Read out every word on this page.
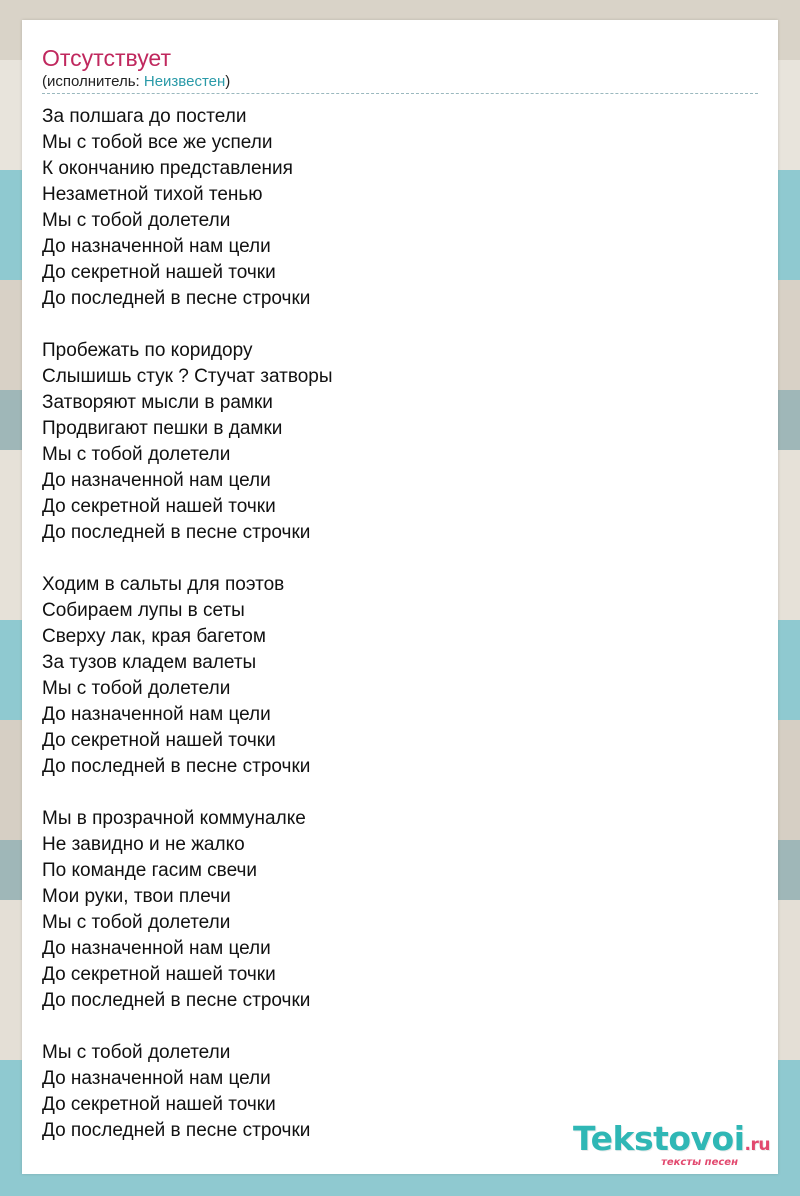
Отсутствует
(исполнитель: Неизвестен)
За полшага до постели
Мы с тобой все же успели
К окончанию представления
Незаметной тихой тенью
Мы с тобой долетели
До назначенной нам цели
До секретной нашей точки
До последней в песне строчки
Пробежать по коридору
Слышишь стук ? Стучат затворы
Затворяют мысли в рамки
Продвигают пешки в дамки
Мы с тобой долетели
До назначенной нам цели
До секретной нашей точки
До последней в песне строчки
Ходим в сальты для поэтов
Собираем лупы в сеты
Сверху лак, края багетом
За тузов кладем валеты
Мы с тобой долетели
До назначенной нам цели
До секретной нашей точки
До последней в песне строчки
Мы в прозрачной коммуналке
Не завидно и не жалко
По команде гасим свечи
Мои руки, твои плечи
Мы с тобой долетели
До назначенной нам цели
До секретной нашей точки
До последней в песне строчки
Мы с тобой долетели
До назначенной нам цели
До секретной нашей точки
До последней в песне строчки	Tekstovoi.ru
тексты песен
